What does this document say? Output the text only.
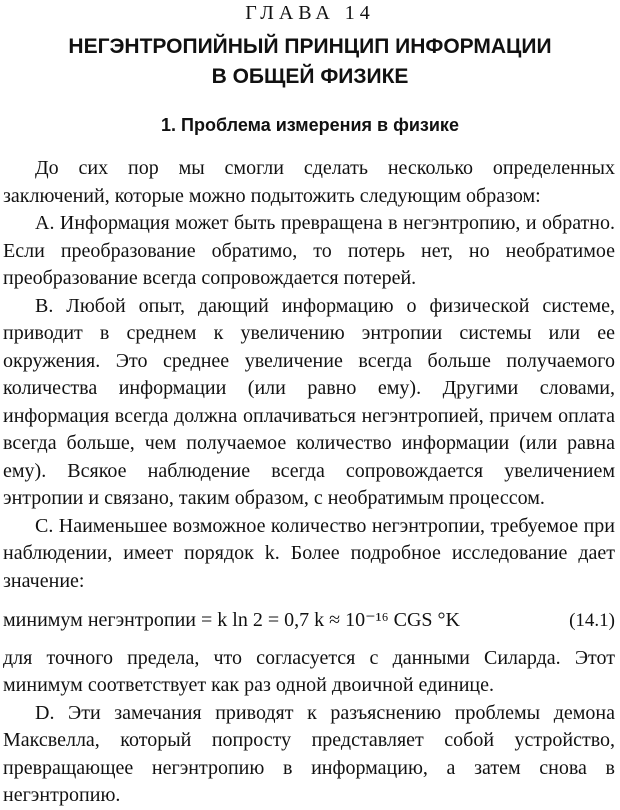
ГЛАВА 14
НЕГЭНТРОПИЙНЫЙ ПРИНЦИП ИНФОРМАЦИИ
В ОБЩЕЙ ФИЗИКЕ
1. Проблема измерения в физике

До сих пор мы смогли сделать несколько определенных заключений, которые можно подытожить следующим образом:

А. Информация может быть превращена в негэнтропию, и обратно. Если преобразование обратимо, то потерь нет, но необратимое преобразование всегда сопровождается потерей.

В. Любой опыт, дающий информацию о физической системе, приводит в среднем к увеличению энтропии системы или ее окружения. Это среднее увеличение всегда больше получаемого количества информации (или равно ему). Другими словами, информация всегда должна оплачиваться негэнтропией, причем оплата всегда больше, чем получаемое количество информации (или равна ему). Всякое наблюдение всегда сопровождается увеличением энтропии и связано, таким образом, с необратимым процессом.

С. Наименьшее возможное количество негэнтропии, требуемое при наблюдении, имеет порядок k. Более подробное исследование дает значение:

минимум негэнтропии = k ln 2 = 0,7 k ≈ 10⁻¹⁶ CGS °K	(14.1)

для точного предела, что согласуется с данными Силарда. Этот минимум соответствует как раз одной двоичной единице.

D. Эти замечания приводят к разъяснению проблемы демона Максвелла, который попросту представляет собой устройство, превращающее негэнтропию в информацию, а затем снова в негэнтропию.
